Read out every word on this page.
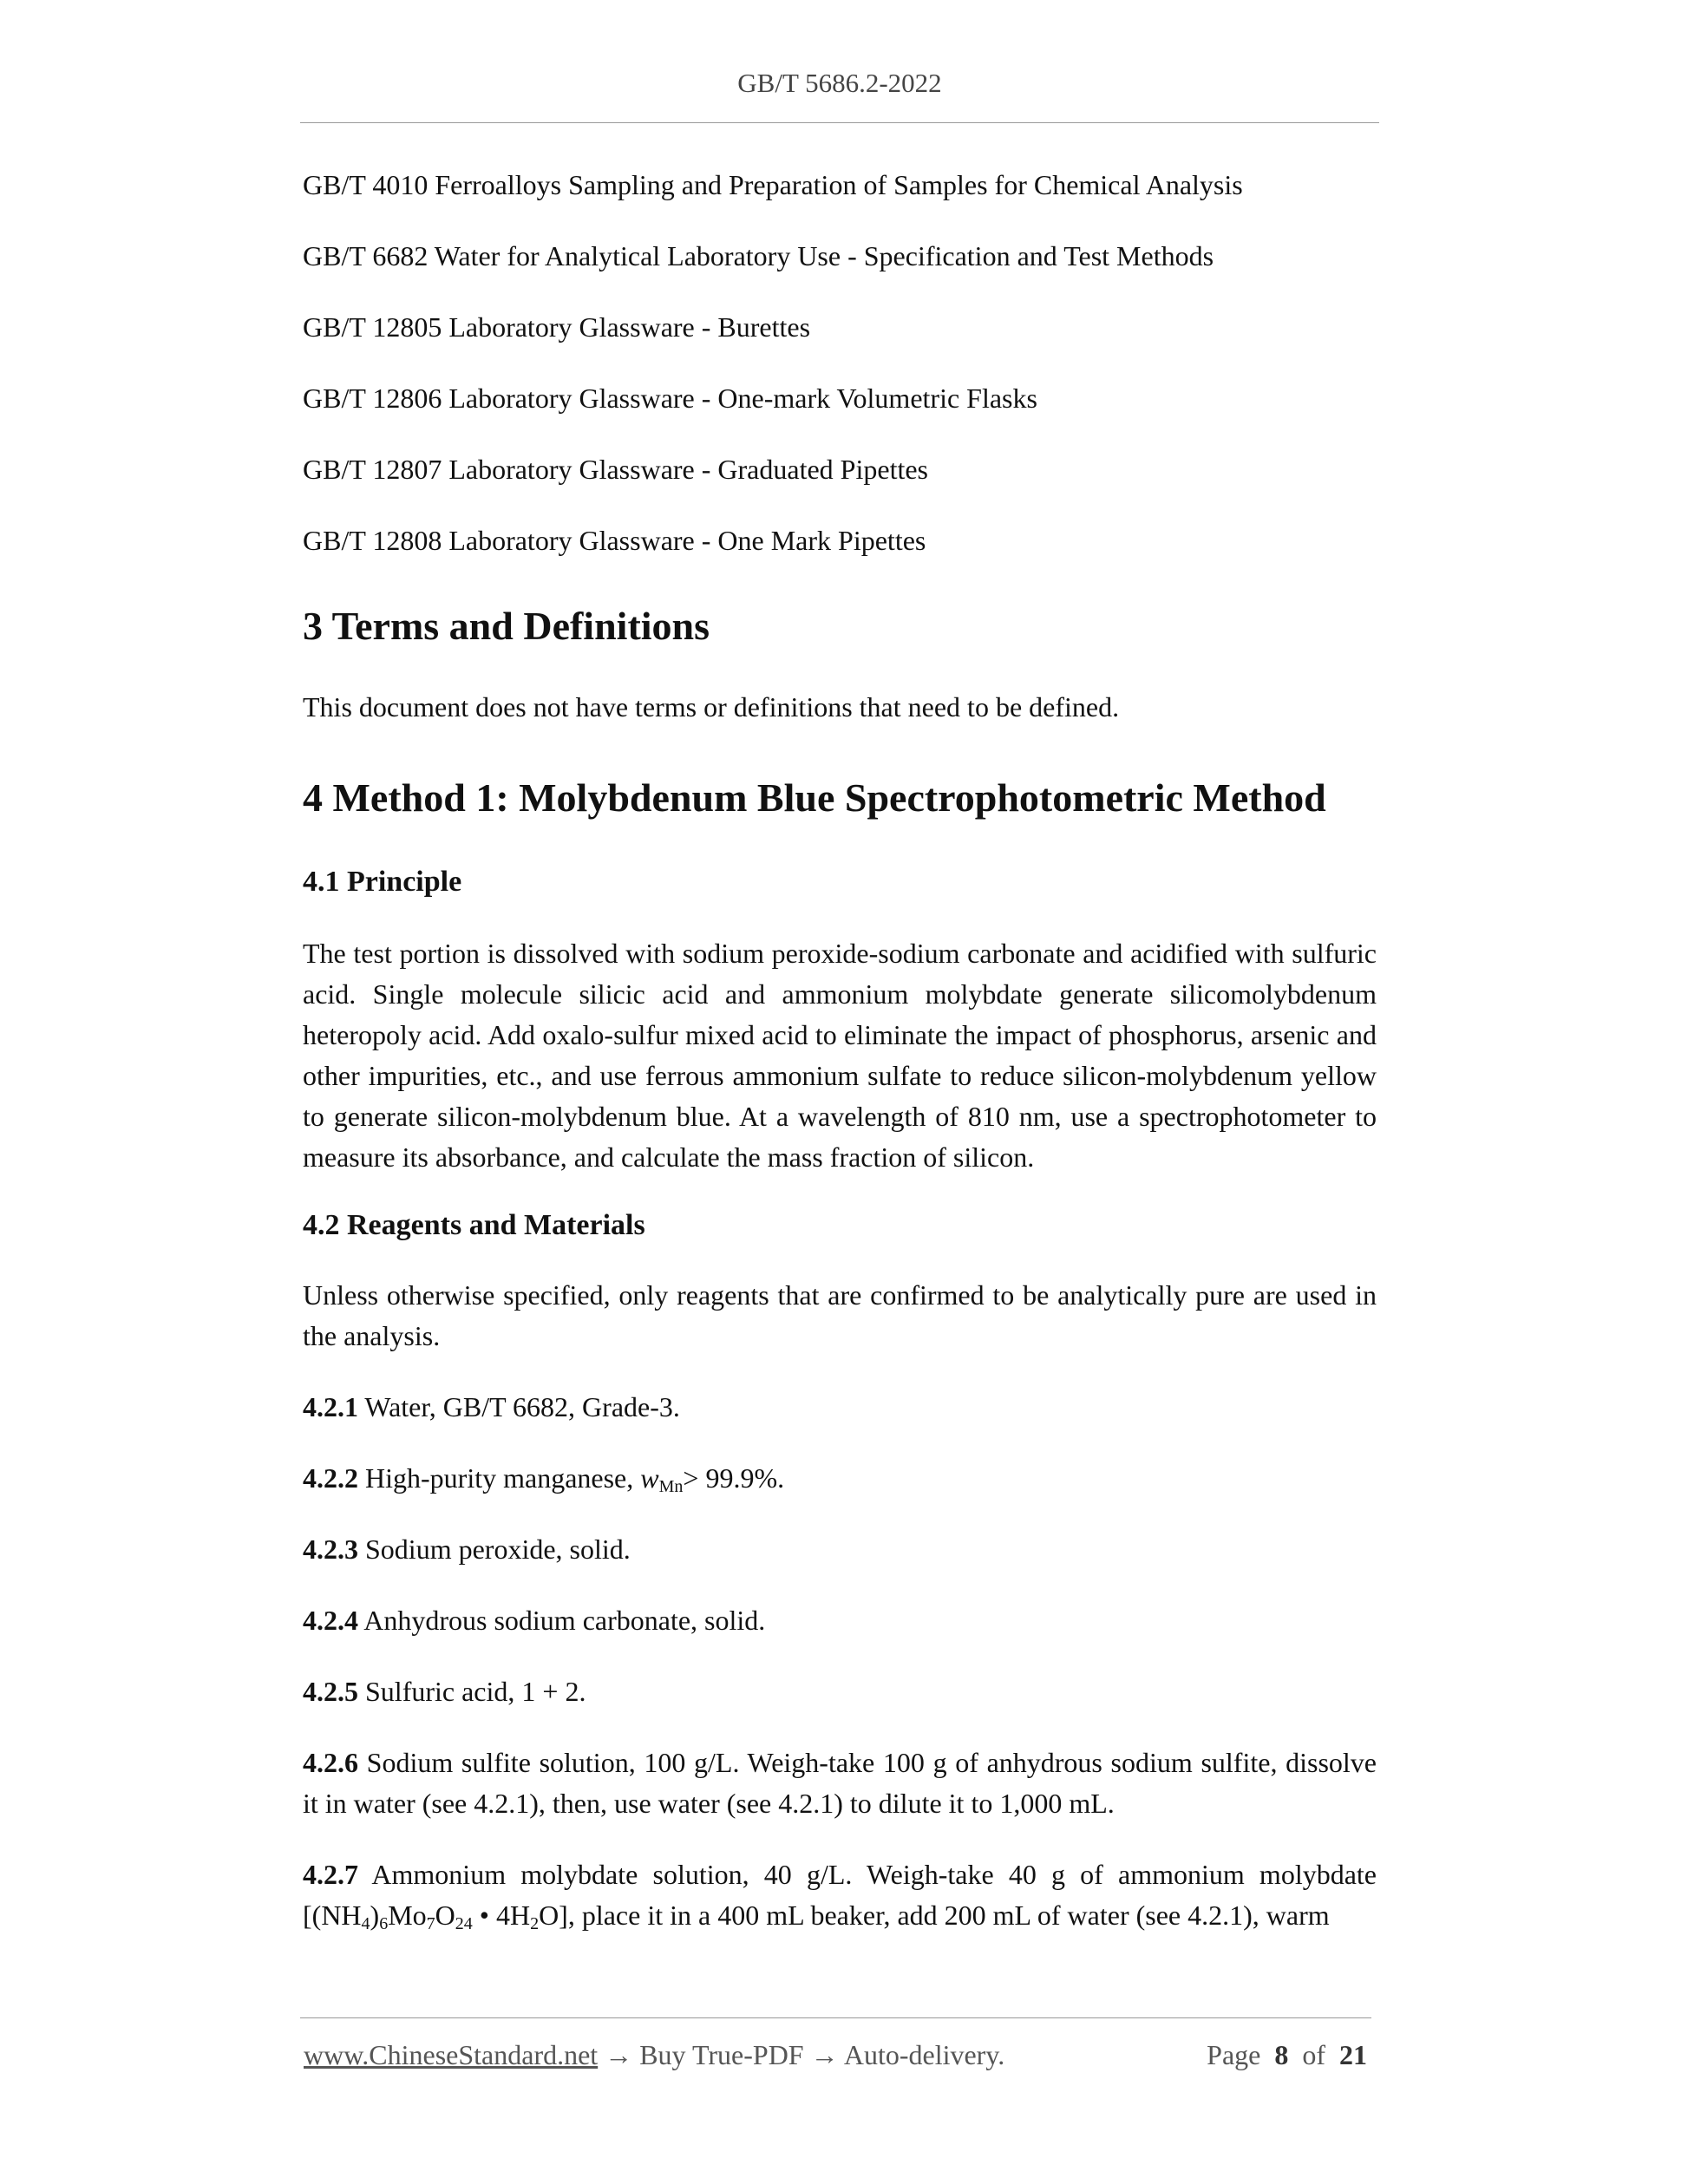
GB/T 5686.2-2022
GB/T 4010 Ferroalloys Sampling and Preparation of Samples for Chemical Analysis
GB/T 6682 Water for Analytical Laboratory Use - Specification and Test Methods
GB/T 12805 Laboratory Glassware - Burettes
GB/T 12806 Laboratory Glassware - One-mark Volumetric Flasks
GB/T 12807 Laboratory Glassware - Graduated Pipettes
GB/T 12808 Laboratory Glassware - One Mark Pipettes
3 Terms and Definitions

This document does not have terms or definitions that need to be defined.

4 Method 1: Molybdenum Blue Spectrophotometric Method
4.1 Principle

The test portion is dissolved with sodium peroxide-sodium carbonate and acidified with sulfuric acid. Single molecule silicic acid and ammonium molybdate generate silicomolybdenum heteropoly acid. Add oxalo-sulfur mixed acid to eliminate the impact of phosphorus, arsenic and other impurities, etc., and use ferrous ammonium sulfate to reduce silicon-molybdenum yellow to generate silicon-molybdenum blue. At a wavelength of 810 nm, use a spectrophotometer to measure its absorbance, and calculate the mass fraction of silicon.

4.2 Reagents and Materials

Unless otherwise specified, only reagents that are confirmed to be analytically pure are used in the analysis.

4.2.1 Water, GB/T 6682, Grade-3.

4.2.2 High-purity manganese, $w_{Mn}> 99.9\%$.

4.2.3 Sodium peroxide, solid.

4.2.4 Anhydrous sodium carbonate, solid.

4.2.5 Sulfuric acid, 1 + 2.

4.2.6 Sodium sulfite solution, 100 g/L. Weigh-take 100 g of anhydrous sodium sulfite, dissolve it in water (see 4.2.1), then, use water (see 4.2.1) to dilute it to 1,000 mL.

4.2.7 Ammonium molybdate solution, 40 g/L. Weigh-take 40 g of ammonium molybdate [$(NH_4)_6Mo_7O_{24}$ • $4H_2O$], place it in a 400 mL beaker, add 200 mL of water (see 4.2.1), warm

www.ChineseStandard.net → Buy True-PDF → Auto-delivery.	Page 8 of 21
